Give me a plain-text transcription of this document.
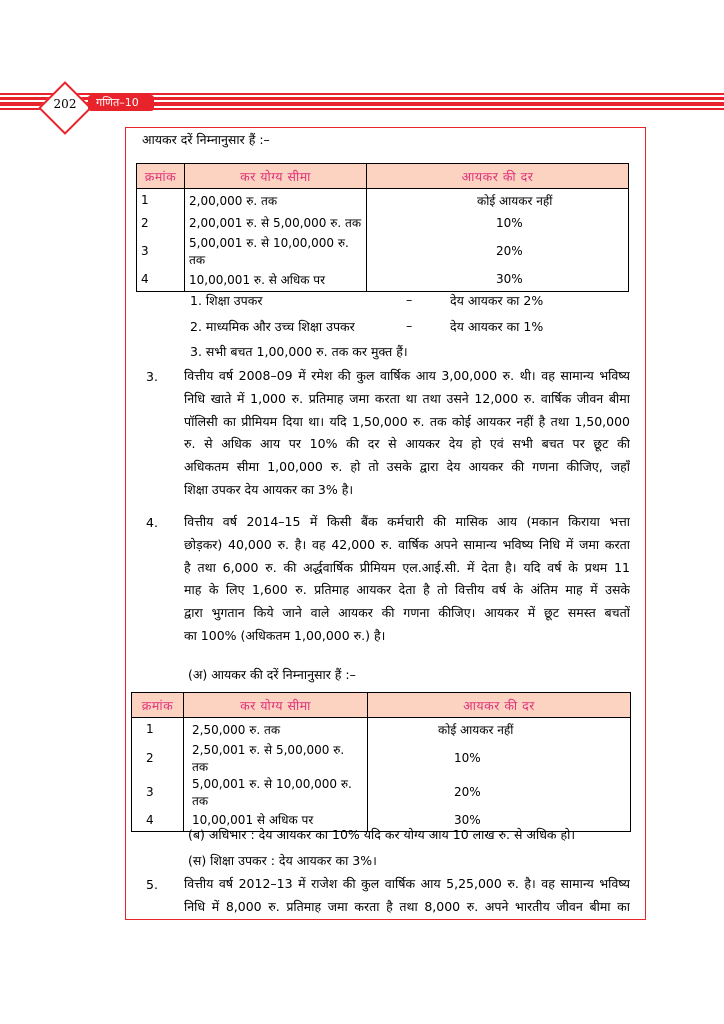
202	गणित–10
आयकर दरें निम्नानुसार हैं :–
क्रमांक	कर योग्य सीमा	आयकर की दर
1	2,00,000 रु. तक	कोई आयकर नहीं
2	2,00,001 रु. से 5,00,000 रु. तक	10%
3	5,00,001 रु. से 10,00,000 रु. तक	20%
4	10,00,001 रु. से अधिक पर	30%
1. शिक्षा उपकर	–	देय आयकर का 2%
2. माध्यमिक और उच्च शिक्षा उपकर	–	देय आयकर का 1%
3. सभी बचत 1,00,000 रु. तक कर मुक्त हैं।
3. वित्तीय वर्ष 2008–09 में रमेश की कुल वार्षिक आय 3,00,000 रु. थी। वह सामान्य भविष्य
निधि खाते में 1,000 रु. प्रतिमाह जमा करता था तथा उसने 12,000 रु. वार्षिक जीवन बीमा
पॉलिसी का प्रीमियम दिया था। यदि 1,50,000 रु. तक कोई आयकर नहीं है तथा 1,50,000
रु. से अधिक आय पर 10% की दर से आयकर देय हो एवं सभी बचत पर छूट की
अधिकतम सीमा 1,00,000 रु. हो तो उसके द्वारा देय आयकर की गणना कीजिए, जहाँ
शिक्षा उपकर देय आयकर का 3% है।
4. वित्तीय वर्ष 2014–15 में किसी बैंक कर्मचारी की मासिक आय (मकान किराया भत्ता
छोड़कर) 40,000 रु. है। वह 42,000 रु. वार्षिक अपने सामान्य भविष्य निधि में जमा करता
है तथा 6,000 रु. की अर्द्धवार्षिक प्रीमियम एल.आई.सी. में देता है। यदि वर्ष के प्रथम 11
माह के लिए 1,600 रु. प्रतिमाह आयकर देता है तो वित्तीय वर्ष के अंतिम माह में उसके
द्वारा भुगतान किये जाने वाले आयकर की गणना कीजिए। आयकर में छूट समस्त बचतों
का 100% (अधिकतम 1,00,000 रु.) है।
(अ) आयकर की दरें निम्नानुसार हैं :–
क्रमांक	कर योग्य सीमा	आयकर की दर
1	2,50,000 रु. तक	कोई आयकर नहीं
2	2,50,001 रु. से 5,00,000 रु. तक	10%
3	5,00,001 रु. से 10,00,000 रु. तक	20%
4	10,00,001 से अधिक पर	30%
(ब) अधिभार : देय आयकर का 10% यदि कर योग्य आय 10 लाख रु. से अधिक हो।
(स) शिक्षा उपकर : देय आयकर का 3%।
5. वित्तीय वर्ष 2012–13 में राजेश की कुल वार्षिक आय 5,25,000 रु. है। वह सामान्य भविष्य
निधि में 8,000 रु. प्रतिमाह जमा करता है तथा 8,000 रु. अपने भारतीय जीवन बीमा का
